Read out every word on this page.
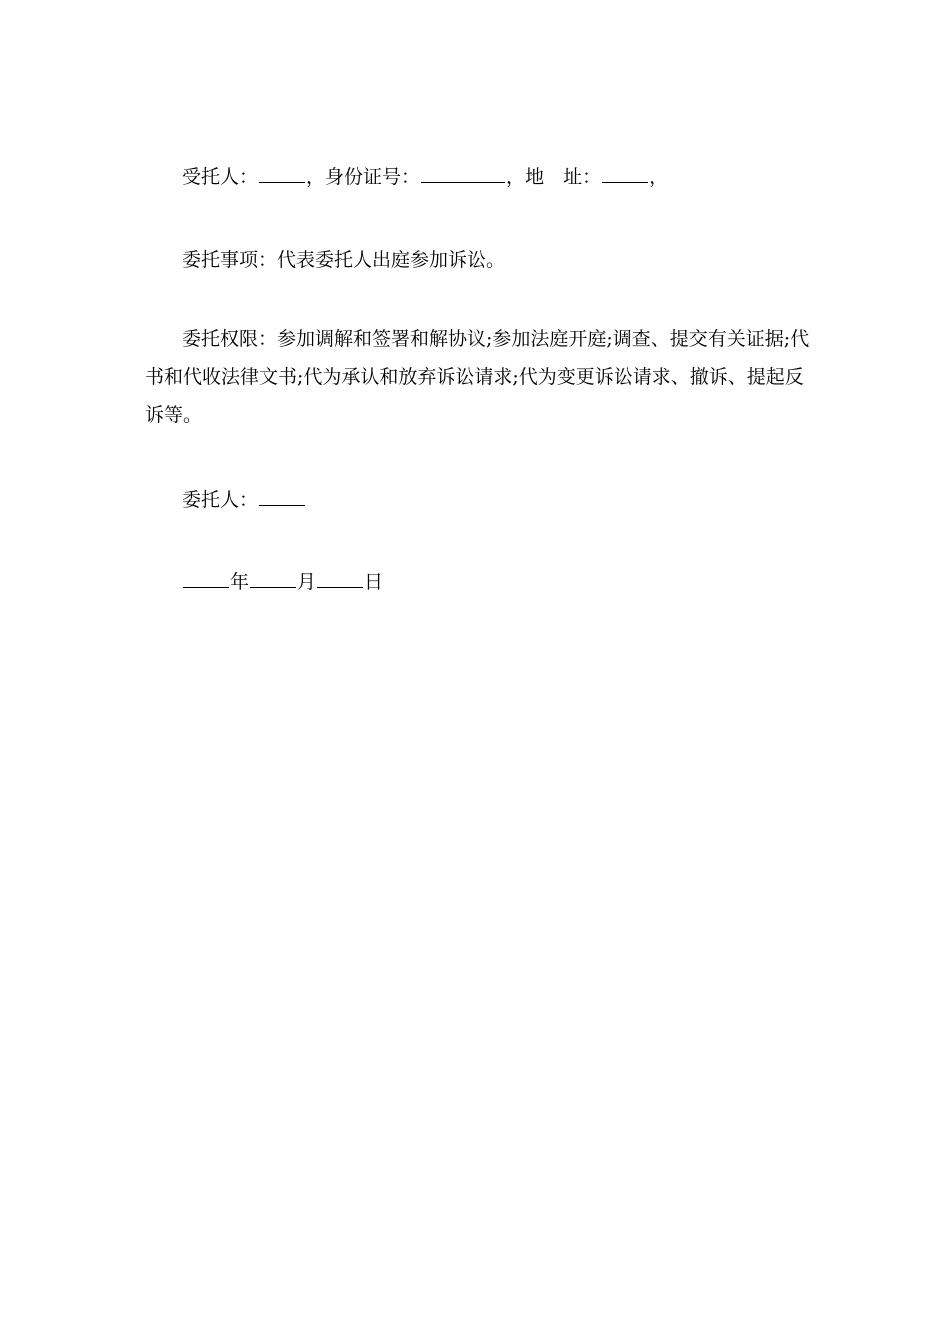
受托人：	，身份证号：	，地　址：	，

委托事项：代表委托人出庭参加诉讼。

委托权限：参加调解和签署和解协议;参加法庭开庭;调查、提交有关证据;代书和代收法律文书;代为承认和放弃诉讼请求;代为变更诉讼请求、撤诉、提起反诉等。

委托人：

年	月	日
